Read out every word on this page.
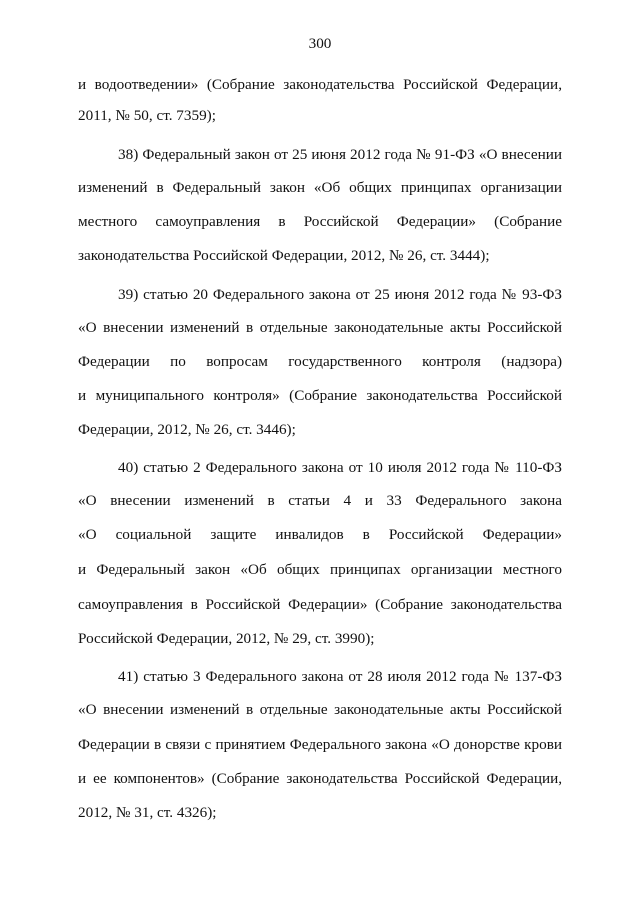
300
и водоотведении» (Собрание законодательства Российской Федерации,
2011, № 50, ст. 7359);
38) Федеральный закон от 25 июня 2012 года № 91-ФЗ «О внесении
изменений в Федеральный закон «Об общих принципах организации
местного самоуправления в Российской Федерации» (Собрание
законодательства Российской Федерации, 2012, № 26, ст. 3444);
39) статью 20 Федерального закона от 25 июня 2012 года № 93-ФЗ
«О внесении изменений в отдельные законодательные акты Российской
Федерации по вопросам государственного контроля (надзора)
и муниципального контроля» (Собрание законодательства Российской
Федерации, 2012, № 26, ст. 3446);
40) статью 2 Федерального закона от 10 июля 2012 года № 110-ФЗ
«О внесении изменений в статьи 4 и 33 Федерального закона
«О социальной защите инвалидов в Российской Федерации»
и Федеральный закон «Об общих принципах организации местного
самоуправления в Российской Федерации» (Собрание законодательства
Российской Федерации, 2012, № 29, ст. 3990);
41) статью 3 Федерального закона от 28 июля 2012 года № 137-ФЗ
«О внесении изменений в отдельные законодательные акты Российской
Федерации в связи с принятием Федерального закона «О донорстве крови
и ее компонентов» (Собрание законодательства Российской Федерации,
2012, № 31, ст. 4326);
